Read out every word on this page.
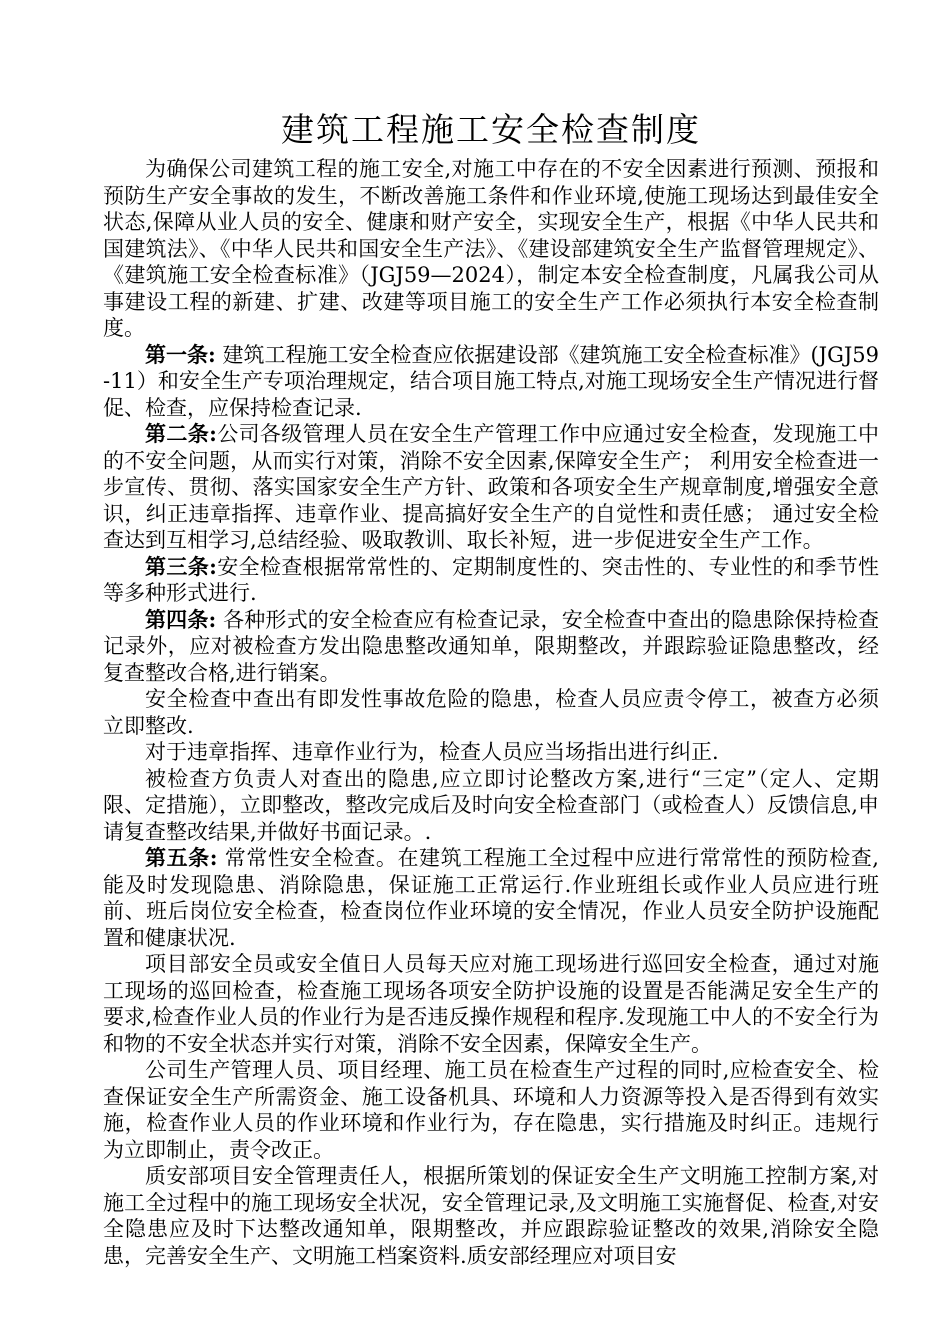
建筑工程施工安全检查制度

为确保公司建筑工程的施工安全,对施工中存在的不安全因素进行预测、预报和预防生产安全事故的发生，不断改善施工条件和作业环境,使施工现场达到最佳安全状态,保障从业人员的安全、健康和财产安全，实现安全生产，根据《中华人民共和国建筑法》、《中华人民共和国安全生产法》、《建设部建筑安全生产监督管理规定》、《建筑施工安全检查标准》（JGJ59—2024），制定本安全检查制度，凡属我公司从事建设工程的新建、扩建、改建等项目施工的安全生产工作必须执行本安全检查制度。

第一条: 建筑工程施工安全检查应依据建设部《建筑施工安全检查标准》(JGJ59-11）和安全生产专项治理规定，结合项目施工特点,对施工现场安全生产情况进行督促、检查，应保持检查记录.

第二条:公司各级管理人员在安全生产管理工作中应通过安全检查，发现施工中的不安全问题，从而实行对策，消除不安全因素,保障安全生产； 利用安全检查进一步宣传、贯彻、落实国家安全生产方针、政策和各项安全生产规章制度,增强安全意识，纠正违章指挥、违章作业、提高搞好安全生产的自觉性和责任感； 通过安全检查达到互相学习,总结经验、吸取教训、取长补短，进一步促进安全生产工作。

第三条:安全检查根据常常性的、定期制度性的、突击性的、专业性的和季节性等多种形式进行.

第四条: 各种形式的安全检查应有检查记录，安全检查中查出的隐患除保持检查记录外，应对被检查方发出隐患整改通知单，限期整改，并跟踪验证隐患整改，经复查整改合格,进行销案。

安全检查中查出有即发性事故危险的隐患，检查人员应责令停工，被查方必须立即整改.

对于违章指挥、违章作业行为，检查人员应当场指出进行纠正.

被检查方负责人对查出的隐患,应立即讨论整改方案,进行“三定”（定人、定期限、定措施），立即整改，整改完成后及时向安全检查部门（或检查人）反馈信息,申请复查整改结果,并做好书面记录。.

第五条: 常常性安全检查。在建筑工程施工全过程中应进行常常性的预防检查,能及时发现隐患、消除隐患，保证施工正常运行.作业班组长或作业人员应进行班前、班后岗位安全检查，检查岗位作业环境的安全情况，作业人员安全防护设施配置和健康状况.

项目部安全员或安全值日人员每天应对施工现场进行巡回安全检查，通过对施工现场的巡回检查，检查施工现场各项安全防护设施的设置是否能满足安全生产的要求,检查作业人员的作业行为是否违反操作规程和程序.发现施工中人的不安全行为和物的不安全状态并实行对策，消除不安全因素，保障安全生产。

公司生产管理人员、项目经理、施工员在检查生产过程的同时,应检查安全、检查保证安全生产所需资金、施工设备机具、环境和人力资源等投入是否得到有效实施，检查作业人员的作业环境和作业行为，存在隐患，实行措施及时纠正。违规行为立即制止，责令改正。

质安部项目安全管理责任人，根据所策划的保证安全生产文明施工控制方案,对施工全过程中的施工现场安全状况，安全管理记录,及文明施工实施督促、检查,对安全隐患应及时下达整改通知单，限期整改，并应跟踪验证整改的效果,消除安全隐患，完善安全生产、文明施工档案资料.质安部经理应对项目安
